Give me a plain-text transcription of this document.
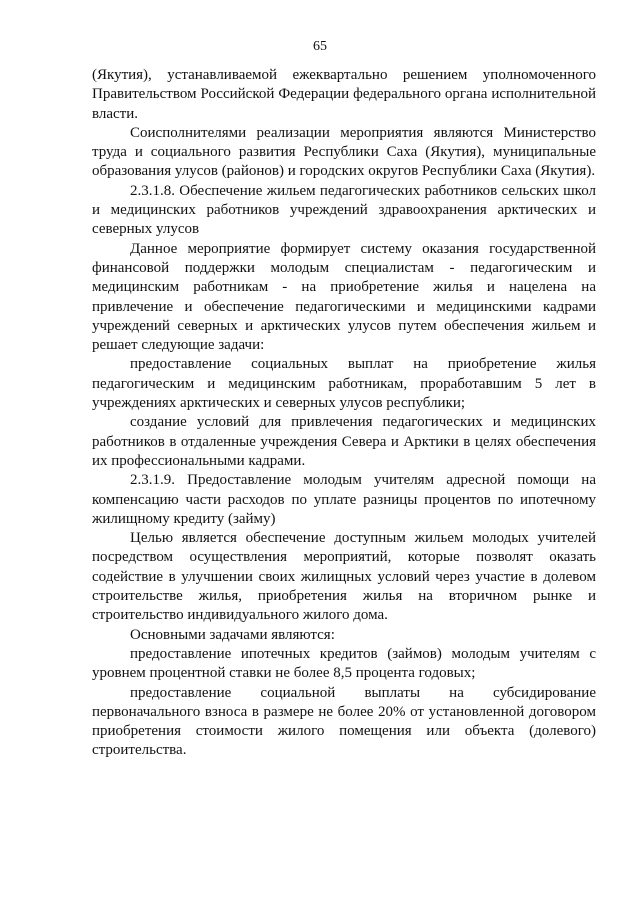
65

(Якутия), устанавливаемой ежеквартально решением уполномоченного Правительством Российской Федерации федерального органа исполнительной власти.

Соисполнителями реализации мероприятия являются Министерство труда и социального развития Республики Саха (Якутия), муниципальные образования улусов (районов) и городских округов Республики Саха (Якутия).

2.3.1.8. Обеспечение жильем педагогических работников сельских школ и медицинских работников учреждений здравоохранения арктических и северных улусов

Данное мероприятие формирует систему оказания государственной финансовой поддержки молодым специалистам - педагогическим и медицинским работникам - на приобретение жилья и нацелена на привлечение и обеспечение педагогическими и медицинскими кадрами учреждений северных и арктических улусов путем обеспечения жильем и решает следующие задачи:

предоставление социальных выплат на приобретение жилья педагогическим и медицинским работникам, проработавшим 5 лет в учреждениях арктических и северных улусов республики;

создание условий для привлечения педагогических и медицинских работников в отдаленные учреждения Севера и Арктики в целях обеспечения их профессиональными кадрами.

2.3.1.9. Предоставление молодым учителям адресной помощи на компенсацию части расходов по уплате разницы процентов по ипотечному жилищному кредиту (займу)

Целью является обеспечение доступным жильем молодых учителей посредством осуществления мероприятий, которые позволят оказать содействие в улучшении своих жилищных условий через участие в долевом строительстве жилья, приобретения жилья на вторичном рынке и строительство индивидуального жилого дома.

Основными задачами являются:

предоставление ипотечных кредитов (займов) молодым учителям с уровнем процентной ставки не более 8,5 процента годовых;

предоставление социальной выплаты на субсидирование первоначального взноса в размере не более 20% от установленной договором приобретения стоимости жилого помещения или объекта (долевого) строительства.
